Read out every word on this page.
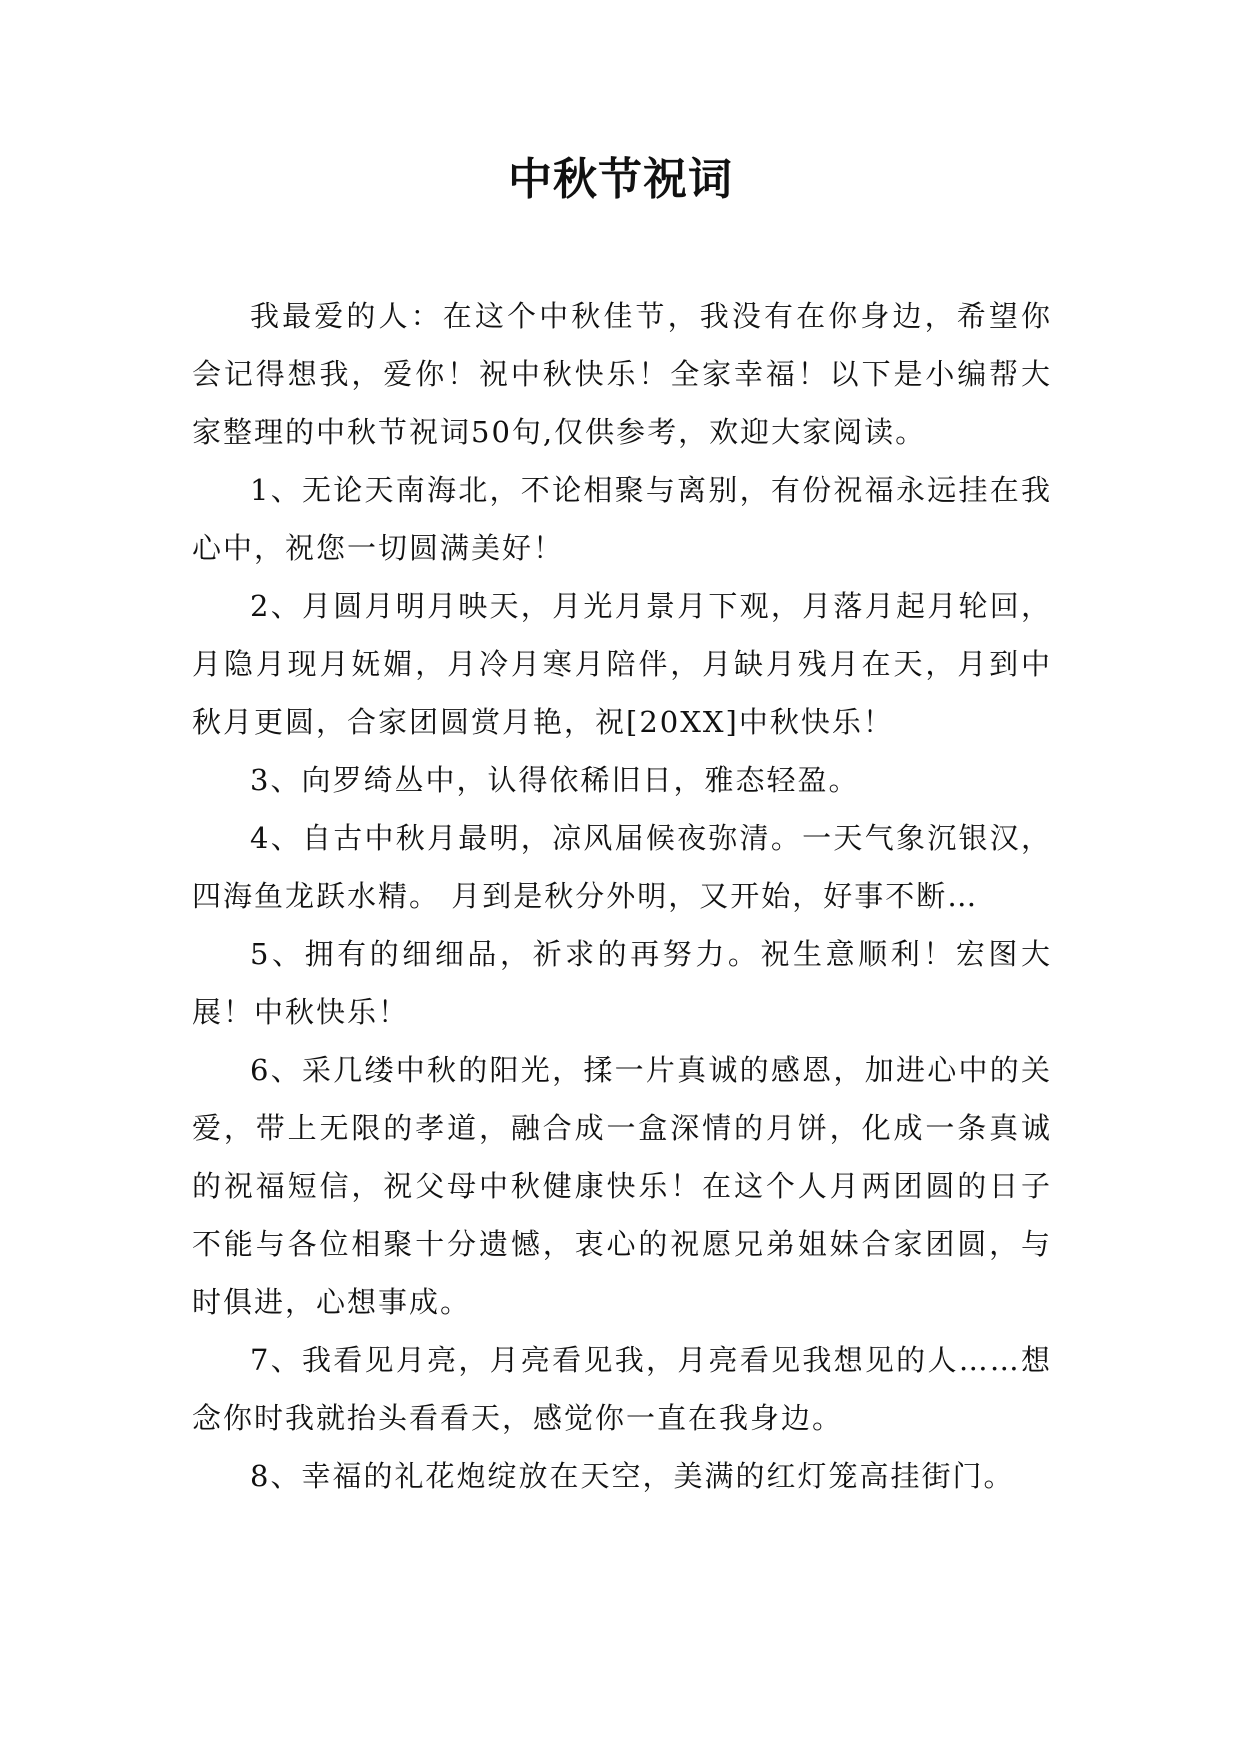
中秋节祝词

我最爱的人：在这个中秋佳节，我没有在你身边，希望你会记得想我，爱你！祝中秋快乐！全家幸福！以下是小编帮大家整理的中秋节祝词50句,仅供参考，欢迎大家阅读。

1、无论天南海北，不论相聚与离别，有份祝福永远挂在我心中，祝您一切圆满美好！

2、月圆月明月映天，月光月景月下观，月落月起月轮回，月隐月现月妩媚，月冷月寒月陪伴，月缺月残月在天，月到中秋月更圆，合家团圆赏月艳，祝[20XX]中秋快乐！

3、向罗绮丛中，认得依稀旧日，雅态轻盈。

4、自古中秋月最明，凉风届候夜弥清。一天气象沉银汉，四海鱼龙跃水精。 月到是秋分外明，又开始，好事不断…

5、拥有的细细品，祈求的再努力。祝生意顺利！宏图大展！中秋快乐！

6、采几缕中秋的阳光，揉一片真诚的感恩，加进心中的关爱，带上无限的孝道，融合成一盒深情的月饼，化成一条真诚的祝福短信，祝父母中秋健康快乐！在这个人月两团圆的日子不能与各位相聚十分遗憾，衷心的祝愿兄弟姐妹合家团圆，与时俱进，心想事成。

7、我看见月亮，月亮看见我，月亮看见我想见的人……想念你时我就抬头看看天，感觉你一直在我身边。

8、幸福的礼花炮绽放在天空，美满的红灯笼高挂街门。
